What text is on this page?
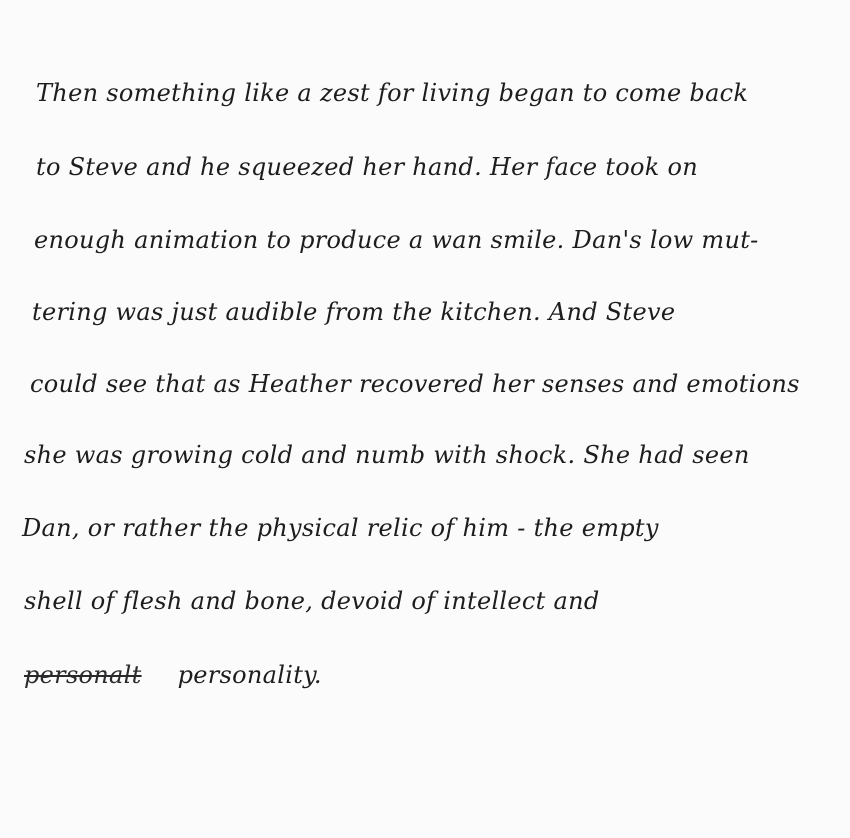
Then something like a zest for living began to come back
to Steve and he squeezed her hand. Her face took on
enough animation to produce a wan smile. Dan's low mut-
tering was just audible from the kitchen. And Steve
could see that as Heather recovered her senses and emotions
she was growing cold and numb with shock. She had seen
Dan, or rather the physical relic of him - the empty
shell of flesh and bone, devoid of intellect and
personalt personality.
